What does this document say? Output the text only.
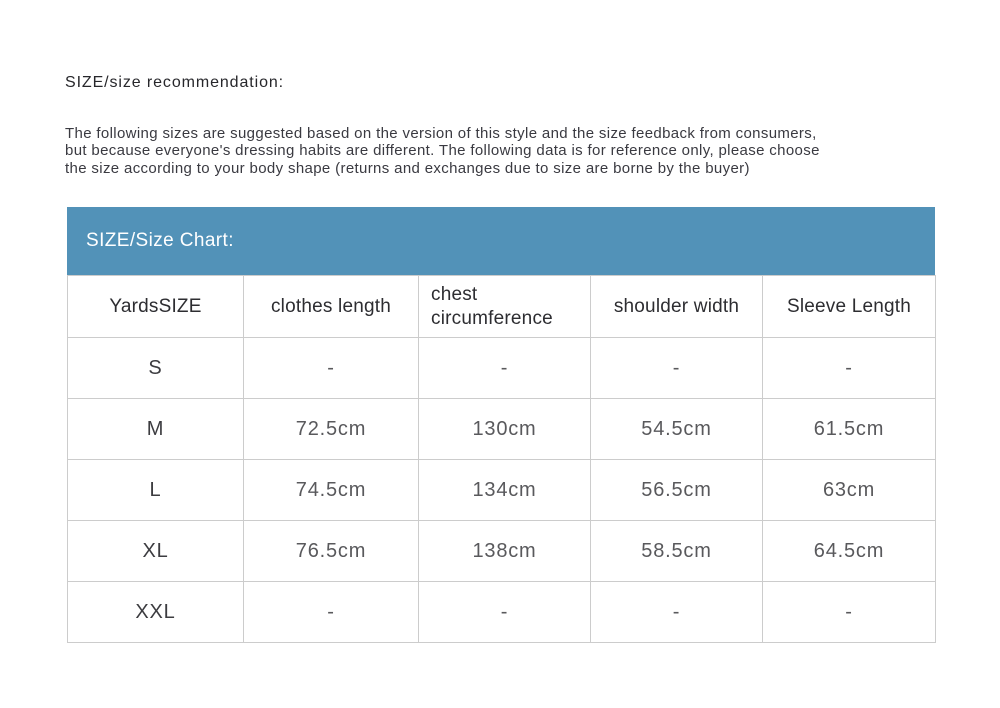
SIZE/size recommendation:
The following sizes are suggested based on the version of this style and the size feedback from consumers,
but because everyone's dressing habits are different. The following data is for reference only, please choose
the size according to your body shape (returns and exchanges due to size are borne by the buyer)
SIZE/Size Chart:
YardsSIZE	clothes length	chest circumference	shoulder width	Sleeve Length
S	-	-	-	-
M	72.5cm	130cm	54.5cm	61.5cm
L	74.5cm	134cm	56.5cm	63cm
XL	76.5cm	138cm	58.5cm	64.5cm
XXL	-	-	-	-
